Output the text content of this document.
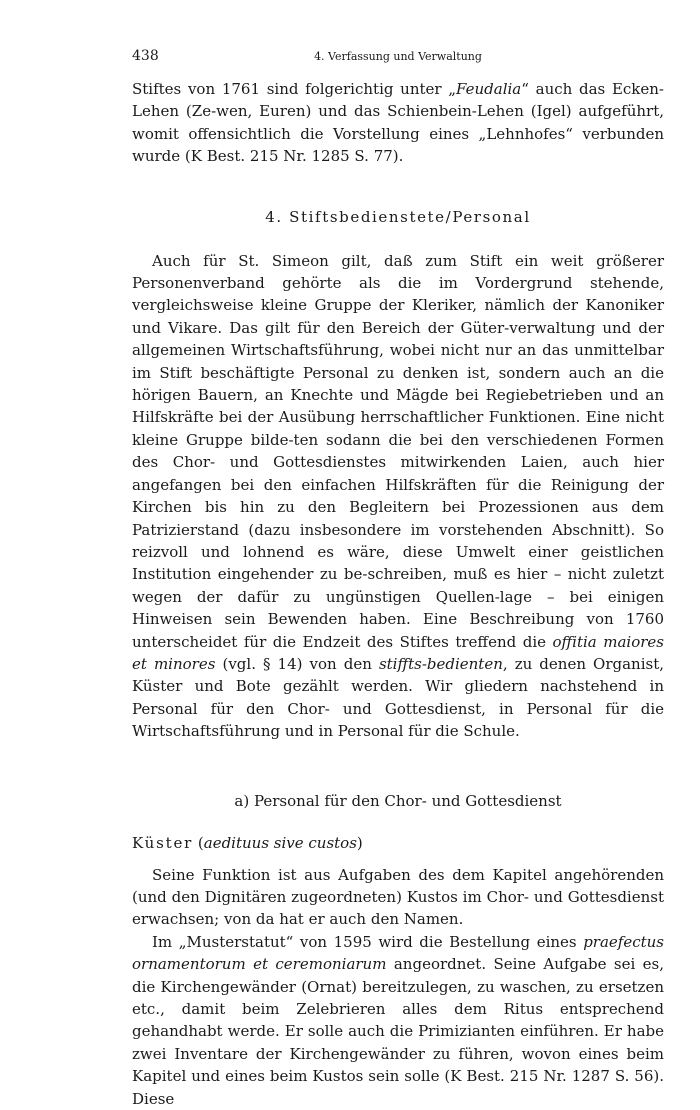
438	4. Verfassung und Verwaltung

Stiftes von 1761 sind folgerichtig unter „Feudalia“ auch das Ecken-Lehen (Ze-wen, Euren) und das Schienbein-Lehen (Igel) aufgeführt, womit offensichtlich die Vorstellung eines „Lehnhofes“ verbunden wurde (K Best. 215 Nr. 1285 S. 77).

4. Stiftsbedienstete/Personal

Auch für St. Simeon gilt, daß zum Stift ein weit größerer Personenverband gehörte als die im Vordergrund stehende, vergleichsweise kleine Gruppe der Kleriker, nämlich der Kanoniker und Vikare. Das gilt für den Bereich der Güter-verwaltung und der allgemeinen Wirtschaftsführung, wobei nicht nur an das unmittelbar im Stift beschäftigte Personal zu denken ist, sondern auch an die hörigen Bauern, an Knechte und Mägde bei Regiebetrieben und an Hilfskräfte bei der Ausübung herrschaftlicher Funktionen. Eine nicht kleine Gruppe bilde-ten sodann die bei den verschiedenen Formen des Chor- und Gottesdienstes mitwirkenden Laien, auch hier angefangen bei den einfachen Hilfskräften für die Reinigung der Kirchen bis hin zu den Begleitern bei Prozessionen aus dem Patrizierstand (dazu insbesondere im vorstehenden Abschnitt). So reizvoll und lohnend es wäre, diese Umwelt einer geistlichen Institution eingehender zu be-schreiben, muß es hier – nicht zuletzt wegen der dafür zu ungünstigen Quellen-lage – bei einigen Hinweisen sein Bewenden haben. Eine Beschreibung von 1760 unterscheidet für die Endzeit des Stiftes treffend die offitia maiores et minores (vgl. § 14) von den stiffts-bedienten, zu denen Organist, Küster und Bote gezählt werden. Wir gliedern nachstehend in Personal für den Chor- und Gottesdienst, in Personal für die Wirtschaftsführung und in Personal für die Schule.

a) Personal für den Chor- und Gottesdienst
Küster (aedituus sive custos)

Seine Funktion ist aus Aufgaben des dem Kapitel angehörenden (und den Dignitären zugeordneten) Kustos im Chor- und Gottesdienst erwachsen; von da hat er auch den Namen.

Im „Musterstatut“ von 1595 wird die Bestellung eines praefectus ornamentorum et ceremoniarum angeordnet. Seine Aufgabe sei es, die Kirchengewänder (Ornat) bereitzulegen, zu waschen, zu ersetzen etc., damit beim Zelebrieren alles dem Ritus entsprechend gehandhabt werde. Er solle auch die Primizianten einführen. Er habe zwei Inventare der Kirchengewänder zu führen, wovon eines beim Kapitel und eines beim Kustos sein solle (K Best. 215 Nr. 1287 S. 56). Diese
